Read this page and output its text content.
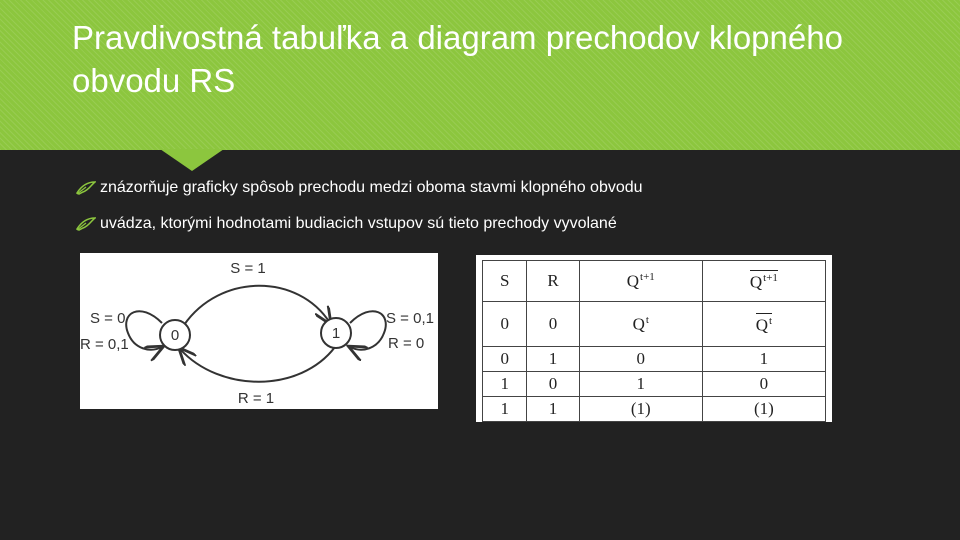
Pravdivostná tabuľka a diagram prechodov klopného obvodu RS
znázorňuje graficky spôsob prechodu medzi oboma stavmi klopného obvodu
uvádza, ktorými hodnotami budiacich vstupov sú tieto prechody vyvolané
0	1
S = 1
R = 1
S = 0
R = 0,1
S = 0,1
R = 0
S	R	$Q^{t+1}$	$Q^{t+1}$
0	0	$Q^t$	$Q^t$
0	1	0	1
1	0	1	0
1	1	(1)	(1)
